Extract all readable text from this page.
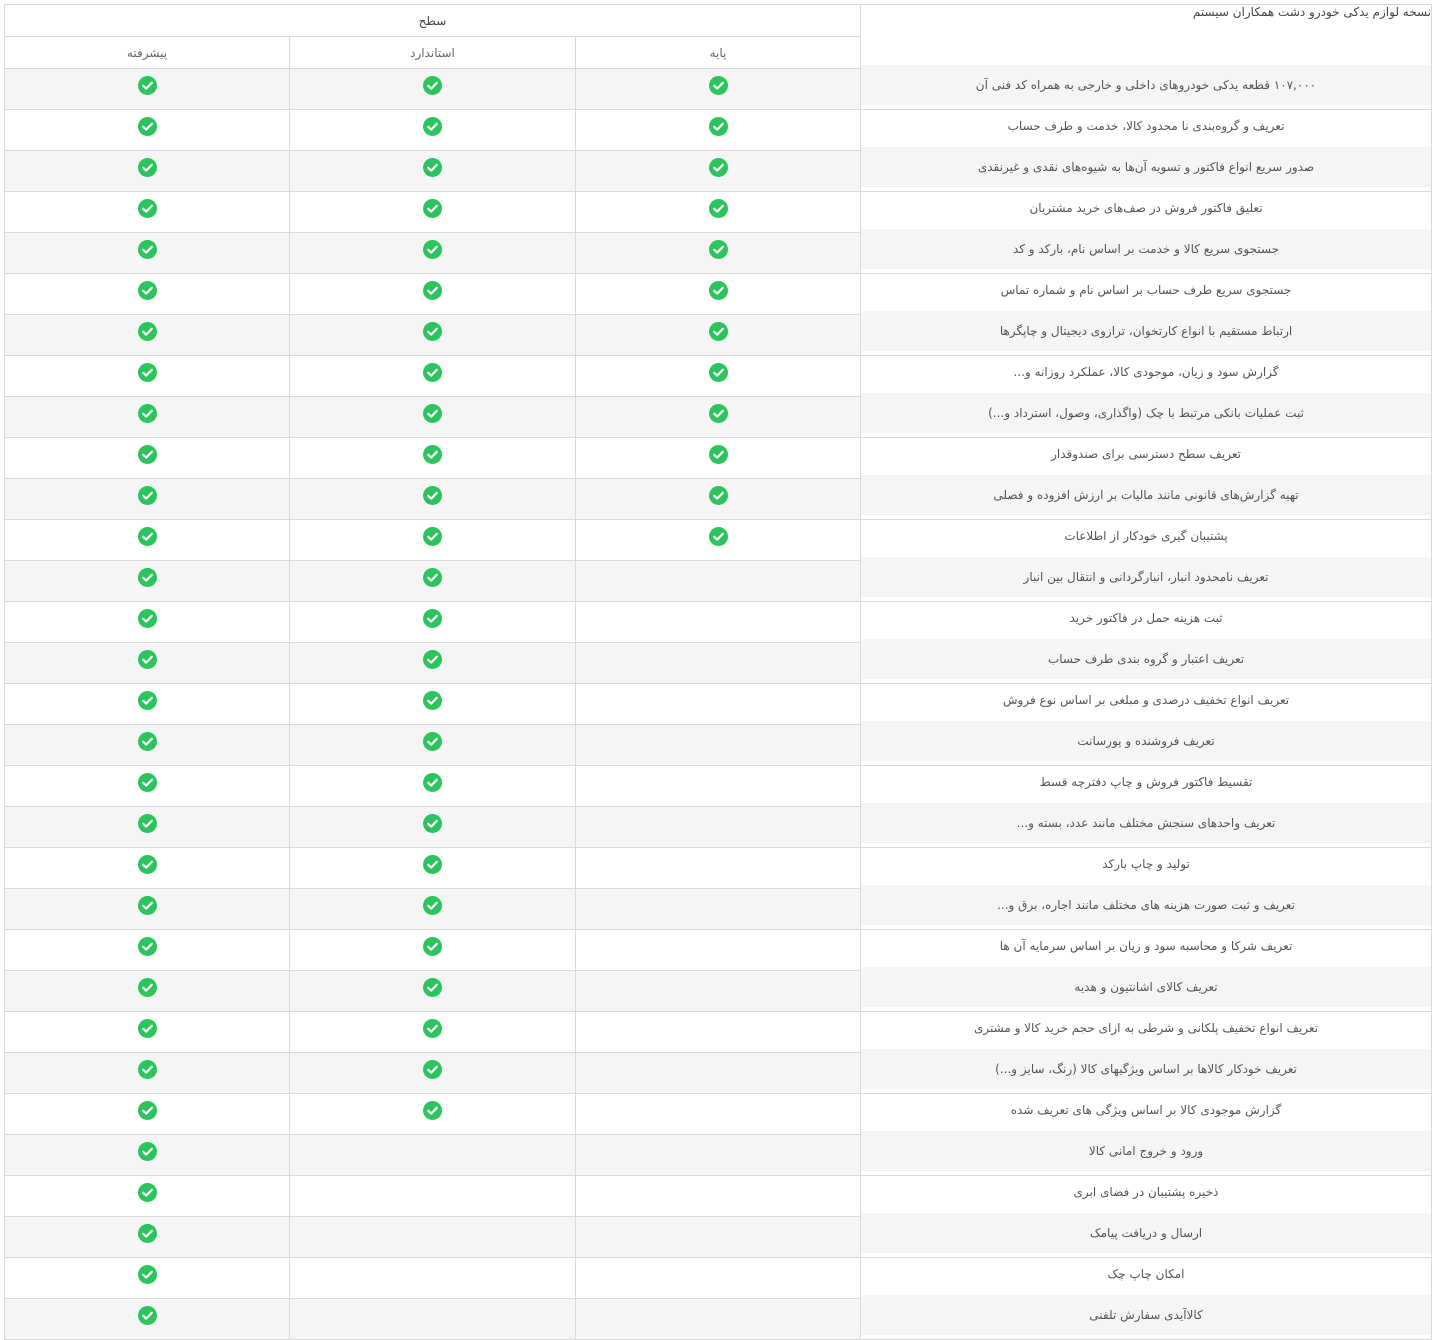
سطح			نسخه لوازم یدکی خودرو دشت همکاران سیستم
پیشرفته	استاندارد	پایه	

	۱۰۷,۰۰۰ قطعه یدکی خودروهای داخلی و خارجی به همراه کد فنی آن

	تعریف و گروه‌بندی نا محدود کالا، خدمت و طرف حساب

	صدور سریع انواع فاکتور و تسویه آن‌ها به شیوه‌های نقدی و غیرنقدی

	تعلیق فاکتور فروش در صف‌های خرید مشتریان

	جستجوی سریع کالا و خدمت بر اساس نام، بارکد و کد

	جستجوی سریع طرف حساب بر اساس نام و شماره تماس

	ارتباط مستقیم با انواع کارتخوان، ترازوی دیجیتال و چاپگرها

	گزارش سود و زیان، موجودی کالا، عملکرد روزانه و...

	ثبت عملیات بانکی مرتبط با چک (واگذاری، وصول، استرداد و...)

	تعریف سطح دسترسی برای صندوقدار

	تهیه گزارش‌های قانونی مانند مالیات بر ارزش افزوده و فصلی

	پشتیبان گیری خودکار از اطلاعات

		تعریف نامحدود انبار، انبارگردانی و انتقال بین انبار

		ثبت هزینه حمل در فاکتور خرید

		تعریف اعتبار و گروه بندی طرف حساب

		تعریف انواع تخفیف درصدی و مبلغی بر اساس نوع فروش

		تعریف فروشنده و پورسانت

		تقسیط فاکتور فروش و چاپ دفترچه قسط

		تعریف واحدهای سنجش مختلف مانند عدد، بسته و...

		تولید و چاپ بارکد

		تعریف و ثبت صورت هزینه های مختلف مانند اجاره، برق و...

		تعریف شرکا و محاسبه سود و زیان بر اساس سرمایه آن ها

		تعریف کالای اشانتیون و هدیه

		تعریف انواع تخفیف پلکانی و شرطی به ازای حجم خرید کالا و مشتری

		تعریف خودکار کالاها بر اساس ویژگیهای کالا (رنگ، سایز و...)

		گزارش موجودی کالا بر اساس ویژگی های تعریف شده

			ورود و خروج امانی کالا

			ذخیره پشتیبان در فضای ابری

			ارسال و دریافت پیامک

			امکان چاپ چک

			کالاآیدی سفارش تلفنی
